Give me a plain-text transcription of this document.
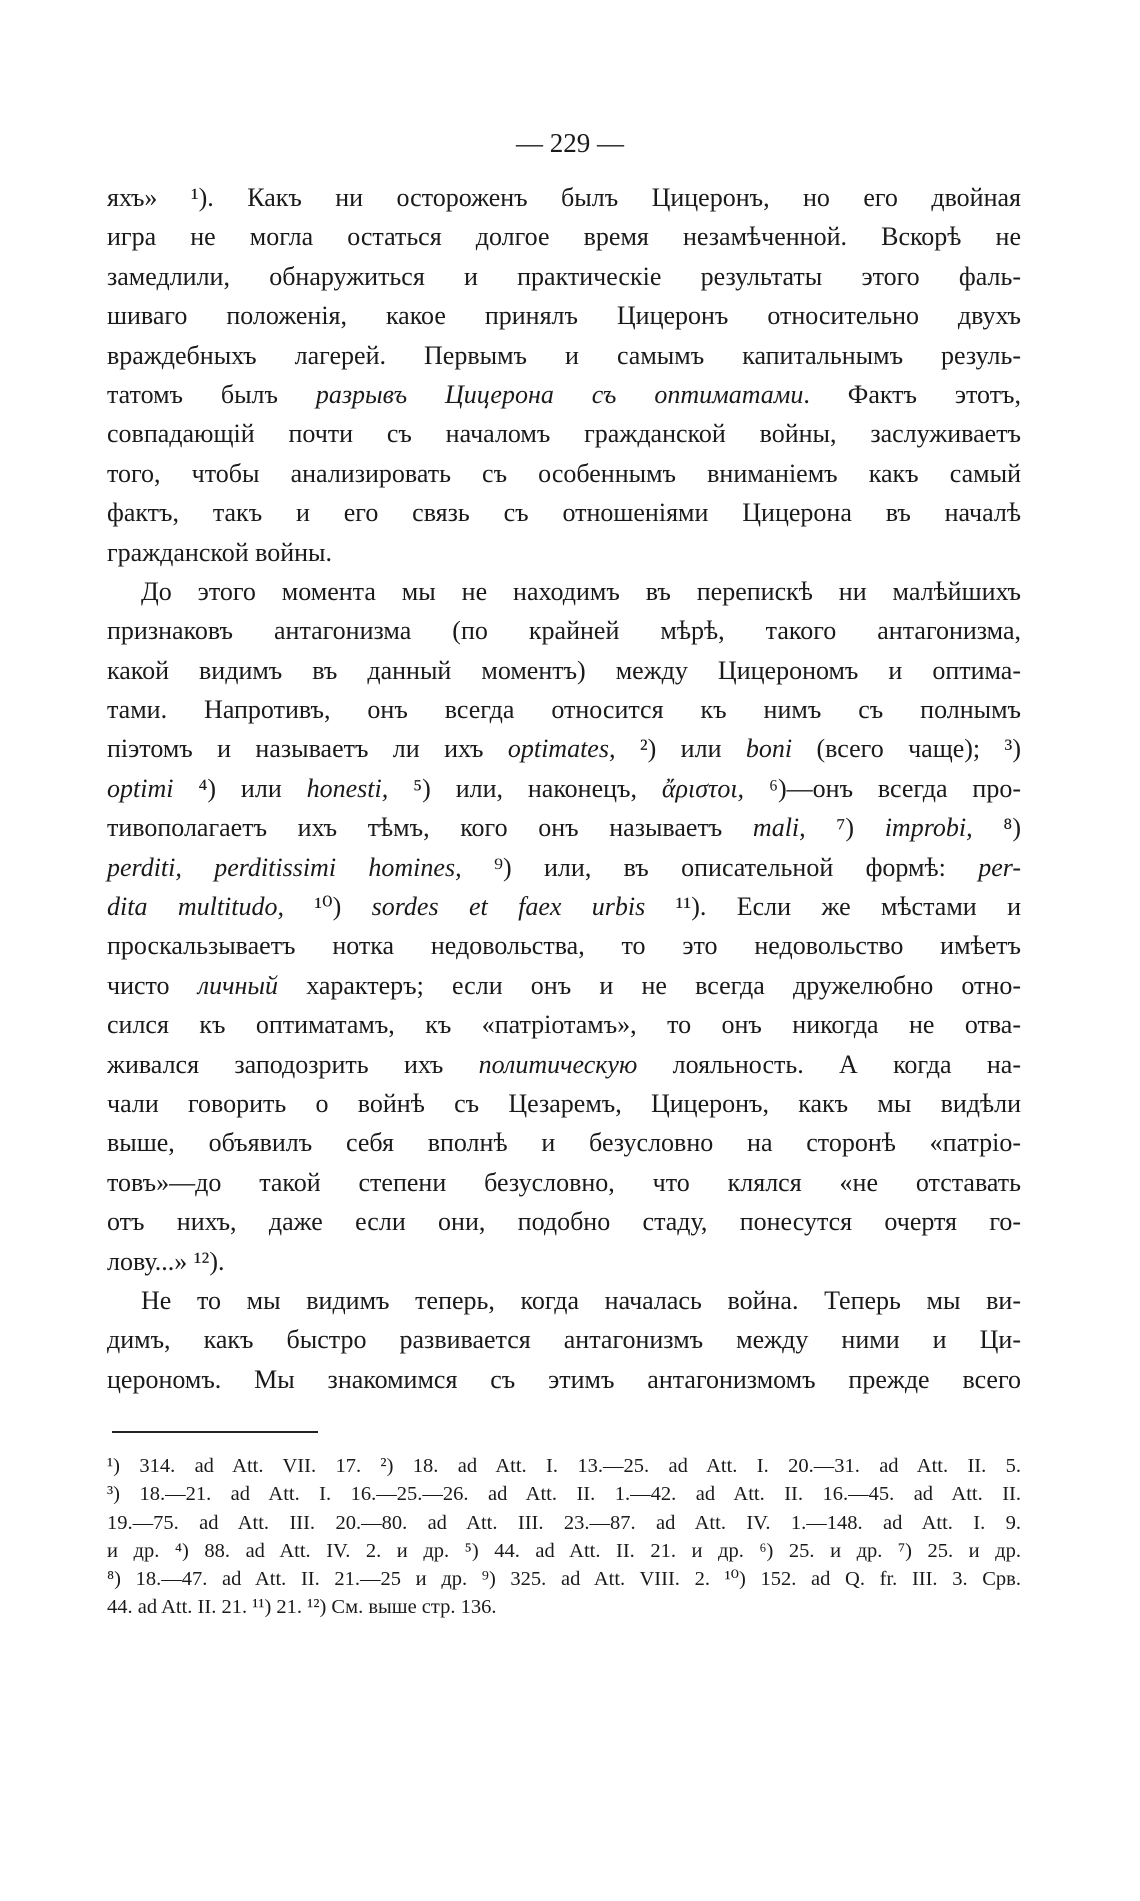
— 229 —
яхъ» ¹). Какъ ни остороженъ былъ Цицеронъ, но его двойная
игра не могла остаться долгое время незамѣченной. Вскорѣ не
замедлили, обнаружиться и практическіе результаты этого фаль-
шиваго положенія, какое принялъ Цицеронъ относительно двухъ
враждебныхъ лагерей. Первымъ и самымъ капитальнымъ резуль-
татомъ былъ разрывъ Цицерона съ оптиматами. Фактъ этотъ,
совпадающій почти съ началомъ гражданской войны, заслуживаетъ
того, чтобы анализировать съ особеннымъ вниманіемъ какъ самый
фактъ, такъ и его связь съ отношеніями Цицерона въ началѣ
гражданской войны.
До этого момента мы не находимъ въ перепискѣ ни малѣйшихъ
признаковъ антагонизма (по крайней мѣрѣ, такого антагонизма,
какой видимъ въ данный моментъ) между Цицерономъ и оптима-
тами. Напротивъ, онъ всегда относится къ нимъ съ полнымъ
піэтомъ и называетъ ли ихъ optimates, ²) или boni (всего чаще); ³)
optimi ⁴) или honesti, ⁵) или, наконецъ, ἄριστοι, ⁶)—онъ всегда про-
тивополагаетъ ихъ тѣмъ, кого онъ называетъ mali, ⁷) improbi, ⁸)
perditi, perditissimi homines, ⁹) или, въ описательной формѣ: per-
dita multitudo, ¹⁰) sordes et faex urbis ¹¹). Если же мѣстами и
проскальзываетъ нотка недовольства, то это недовольство имѣетъ
чисто личный характеръ; если онъ и не всегда дружелюбно отно-
сился къ оптиматамъ, къ «патріотамъ», то онъ никогда не отва-
живался заподозрить ихъ политическую лояльность. А когда на-
чали говорить о войнѣ съ Цезаремъ, Цицеронъ, какъ мы видѣли
выше, объявилъ себя вполнѣ и безусловно на сторонѣ «патріо-
товъ»—до такой степени безусловно, что клялся «не отставать
отъ нихъ, даже если они, подобно стаду, понесутся очертя го-
лову...» ¹²).
Не то мы видимъ теперь, когда началась война. Теперь мы ви-
димъ, какъ быстро развивается антагонизмъ между ними и Ци-
церономъ. Мы знакомимся съ этимъ антагонизмомъ прежде всего
¹) 314. ad Att. VII. 17. ²) 18. ad Att. I. 13.—25. ad Att. I. 20.—31. ad Att. II. 5.
³) 18.—21. ad Att. I. 16.—25.—26. ad Att. II. 1.—42. ad Att. II. 16.—45. ad Att. II.
19.—75. ad Att. III. 20.—80. ad Att. III. 23.—87. ad Att. IV. 1.—148. ad Att. I. 9.
и др. ⁴) 88. ad Att. IV. 2. и др. ⁵) 44. ad Att. II. 21. и др. ⁶) 25. и др. ⁷) 25. и др.
⁸) 18.—47. ad Att. II. 21.—25 и др. ⁹) 325. ad Att. VIII. 2. ¹⁰) 152. ad Q. fr. III. 3. Срв.
44. ad Att. II. 21. ¹¹) 21. ¹²) См. выше стр. 136.
